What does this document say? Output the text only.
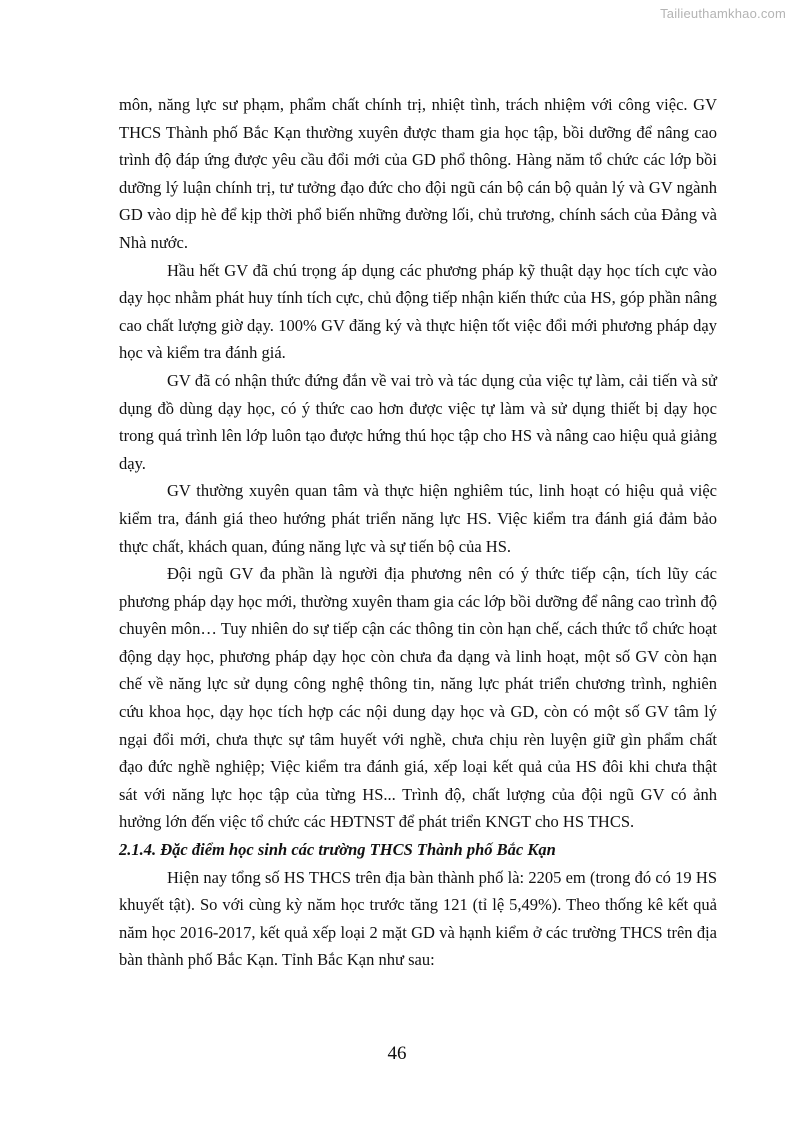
Tailieuthamkhao.com

môn, năng lực sư phạm, phẩm chất chính trị, nhiệt tình, trách nhiệm với công việc. GV THCS Thành phố Bắc Kạn thường xuyên được tham gia học tập, bồi dưỡng để nâng cao trình độ đáp ứng được yêu cầu đổi mới của GD phổ thông. Hàng năm tổ chức các lớp bồi dưỡng lý luận chính trị, tư tưởng đạo đức cho đội ngũ cán bộ cán bộ quản lý và GV ngành GD vào dịp hè để kịp thời phổ biến những đường lối, chủ trương, chính sách của Đảng và Nhà nước.

Hầu hết GV đã chú trọng áp dụng các phương pháp kỹ thuật dạy học tích cực vào dạy học nhằm phát huy tính tích cực, chủ động tiếp nhận kiến thức của HS, góp phần nâng cao chất lượng giờ dạy. 100% GV đăng ký và thực hiện tốt việc đổi mới phương pháp dạy học và kiểm tra đánh giá.

GV đã có nhận thức đứng đắn về vai trò và tác dụng của việc tự làm, cải tiến và sử dụng đồ dùng dạy học, có ý thức cao hơn được việc tự làm và sử dụng thiết bị dạy học trong quá trình lên lớp luôn tạo được hứng thú học tập cho HS và nâng cao hiệu quả giảng dạy.

GV thường xuyên quan tâm và thực hiện nghiêm túc, linh hoạt có hiệu quả việc kiểm tra, đánh giá theo hướng phát triển năng lực HS. Việc kiểm tra đánh giá đảm bảo thực chất, khách quan, đúng năng lực và sự tiến bộ của HS.

Đội ngũ GV đa phần là người địa phương nên có ý thức tiếp cận, tích lũy các phương pháp dạy học mới, thường xuyên tham gia các lớp bồi dưỡng để nâng cao trình độ chuyên môn… Tuy nhiên do sự tiếp cận các thông tin còn hạn chế, cách thức tổ chức hoạt động dạy học, phương pháp dạy học còn chưa đa dạng và linh hoạt, một số GV còn hạn chế về năng lực sử dụng công nghệ thông tin, năng lực phát triển chương trình, nghiên cứu khoa học, dạy học tích hợp các nội dung dạy học và GD, còn có một số GV tâm lý ngại đổi mới, chưa thực sự tâm huyết với nghề, chưa chịu rèn luyện giữ gìn phẩm chất đạo đức nghề nghiệp; Việc kiểm tra đánh giá, xếp loại kết quả của HS đôi khi chưa thật sát với năng lực học tập của từng HS... Trình độ, chất lượng của đội ngũ GV có ảnh hưởng lớn đến việc tổ chức các HĐTNST để phát triển KNGT cho HS THCS.

2.1.4. Đặc điểm học sinh các trường THCS Thành phố Bắc Kạn

Hiện nay tổng số HS THCS trên địa bàn thành phố là: 2205 em (trong đó có 19 HS khuyết tật). So với cùng kỳ năm học trước tăng 121 (tỉ lệ 5,49%). Theo thống kê kết quả năm học 2016-2017, kết quả xếp loại 2 mặt GD và hạnh kiểm ở các trường THCS trên địa bàn thành phố Bắc Kạn. Tỉnh Bắc Kạn như sau:

46
